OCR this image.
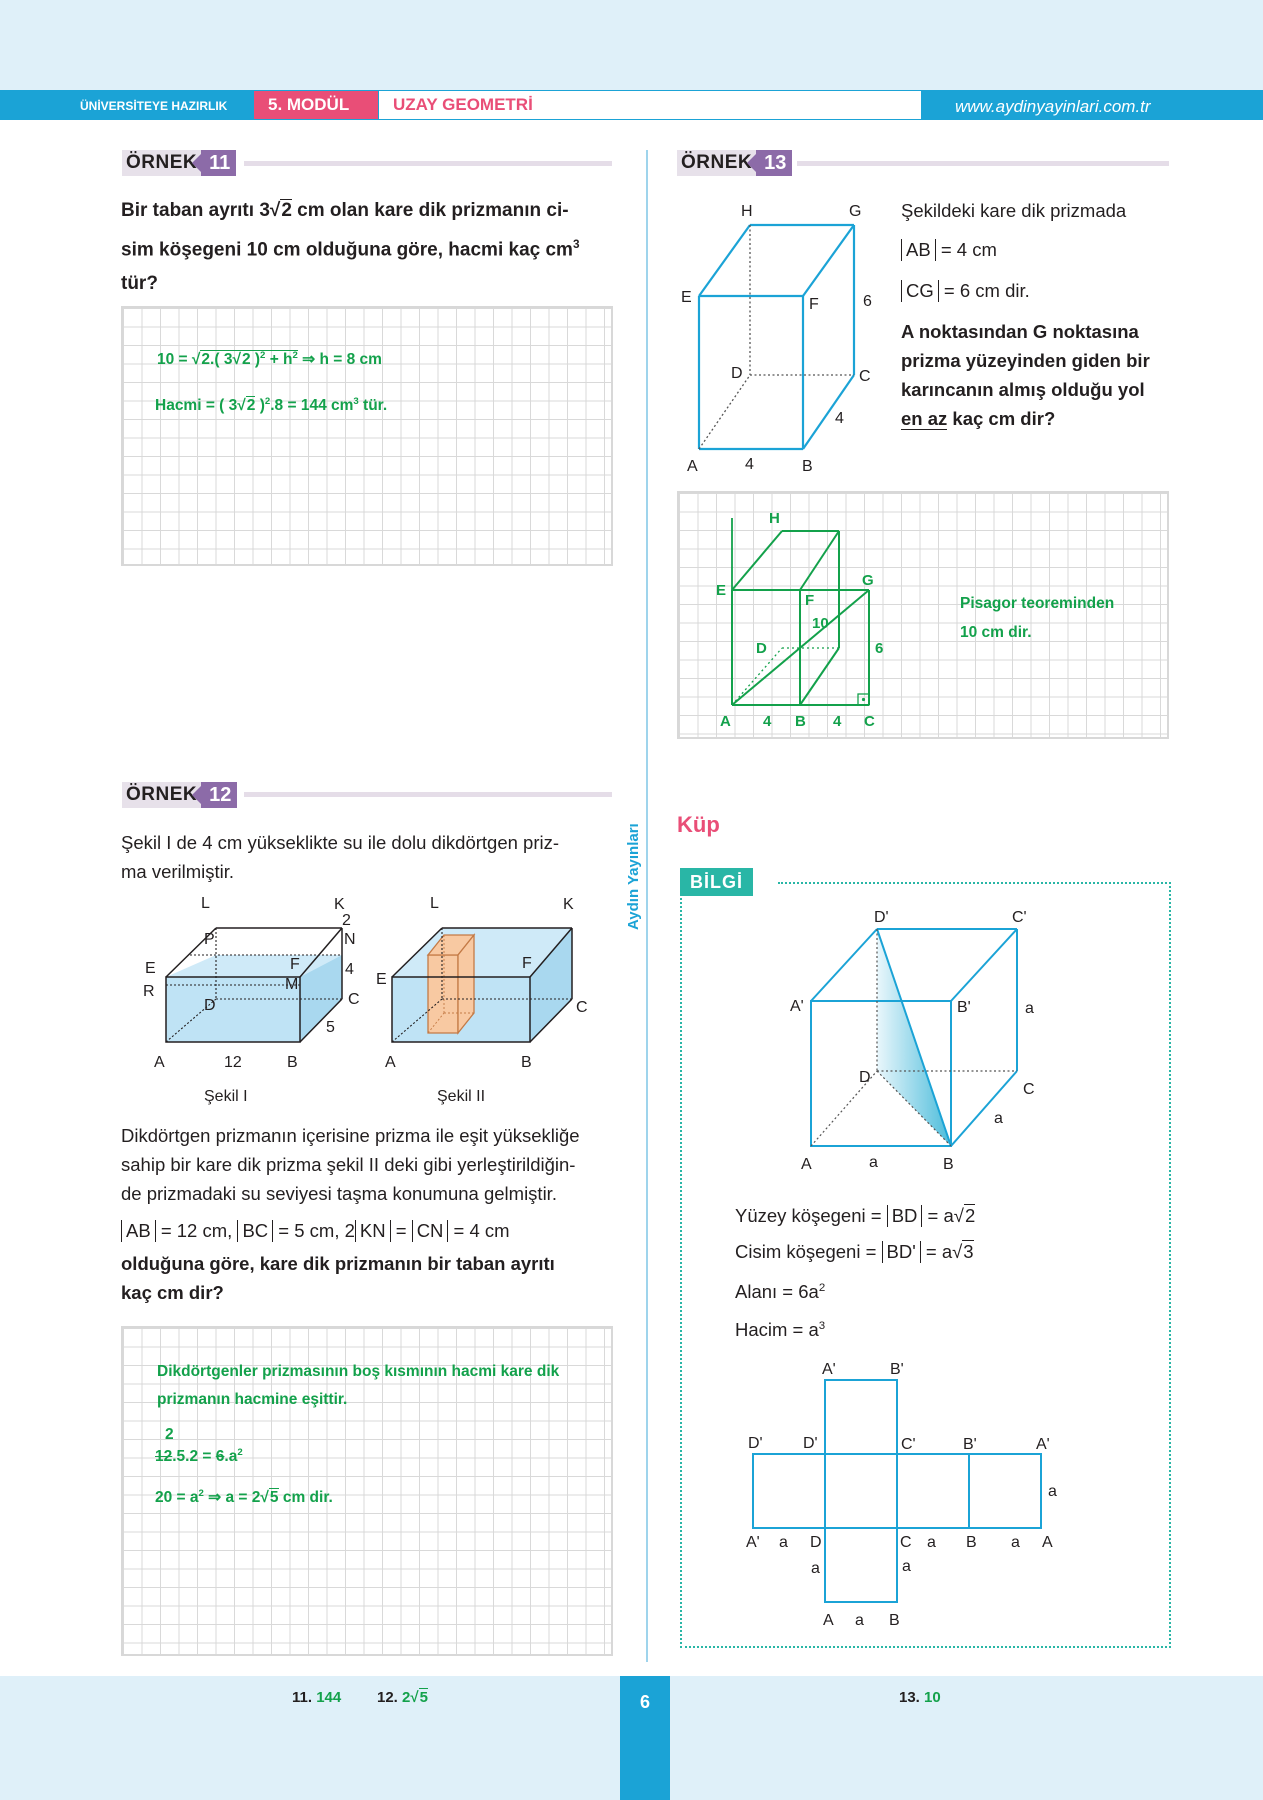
ÜNİVERSİTEYE HAZIRLIK	5. MODÜL	UZAY GEOMETRİ	www.aydinyayinlari.com.tr
Aydın Yayınları
ÖRNEK 11
Bir taban ayrıtı 3√2 cm olan kare dik prizmanın ci-
sim köşegeni 10 cm olduğuna göre, hacmi kaç $cm^3$
tür?
10 = √2.( 3√2 )$^2 + h^2$ ⇒ h = 8 cm
Hacmi = ( 3√2 )$^2$.8 = 144 $cm^3$ tür.
ÖRNEK 13
H	G
E	F	6
D	C
4
A	4	B
Şekildeki kare dik prizmada
AB = 4 cm
CG = 6 cm dir.
A noktasından G noktasına
prizma yüzeyinden giden bir
karıncanın almış olduğu yol
en az kaç cm dir?
H
E
F
G
10
D	6
A 4 B 4 C
Pisagor teoreminden
10 cm dir.
ÖRNEK 12
Şekil I de 4 cm yükseklikte su ile dolu dikdörtgen priz-
ma verilmiştir.
L	K
P
2
N
E	F	4
R	M
C
D
5
A	12	B
Şekil I
L	K
E
F
C
A	B
Şekil II
Dikdörtgen prizmanın içerisine prizma ile eşit yüksekliğe
sahip bir kare dik prizma şekil II deki gibi yerleştirildiğin-
de prizmadaki su seviyesi taşma konumuna gelmiştir.
AB = 12 cm, BC = 5 cm, 2 KN = CN = 4 cm
olduğuna göre, kare dik prizmanın bir taban ayrıtı
kaç cm dir?
Dikdörtgenler prizmasının boş kısmının hacmi kare dik
prizmanın hacmine eşittir.
2
$12.5.2 = 6.a^2$
$20 = a^2$ ⇒ a = 2√5 cm dir.
Küp
BİLGİ
D'	C'
A'	B'	a
D
C
a
A	a	B
Yüzey köşegeni = BD = a√2
Cisim köşegeni = BD' = a√3
Alanı = $6a^2$
Hacim = $a^3$
A'	B'
D'	D'	C'	B'	A'
a
A' a D	C a B a A
a	a
A a B
6
11. 144 12. 2√5	13. 10
